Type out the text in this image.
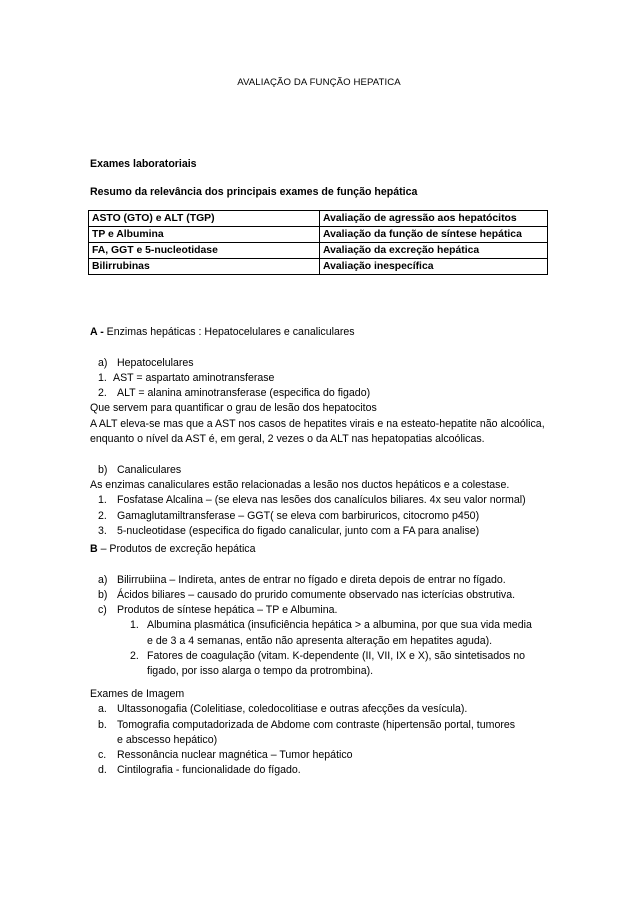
AVALIAÇÃO DA FUNÇÃO HEPATICA
Exames laboratoriais
Resumo da relevância dos principais exames de função hepática
ASTO (GTO) e ALT (TGP)	Avaliação de agressão aos hepatócitos
TP e Albumina	Avaliação da função de síntese hepática
FA, GGT e 5-nucleotidase	Avaliação da excreção hepática
Bilirrubinas	Avaliação inespecífica
A - Enzimas hepáticas : Hepatocelulares e canaliculares
a) Hepatocelulares
1. AST = aspartato aminotransferase
2. ALT = alanina aminotransferase (especifica do figado)
Que servem para quantificar o grau de lesão dos hepatocitos
A ALT eleva-se mas que a AST nos casos de hepatites virais e na esteato-hepatite não alcoólica,
enquanto o nível da AST é, em geral, 2 vezes o da ALT nas hepatopatias alcoólicas.
b) Canaliculares
As enzimas canaliculares estão relacionadas a lesão nos ductos hepáticos e a colestase.
1. Fosfatase Alcalina – (se eleva nas lesões dos canalículos biliares. 4x seu valor normal)
2. Gamaglutamiltransferase – GGT( se eleva com barbiruricos, citocromo p450)
3. 5-nucleotidase (especifica do figado canalicular, junto com a FA para analise)
B – Produtos de excreção hepática
a) Bilirrubiina – Indireta, antes de entrar no fígado e direta depois de entrar no fígado.
b) Ácidos biliares – causado do prurido comumente observado nas icterícias obstrutiva.
c) Produtos de síntese hepática – TP e Albumina.
1. Albumina plasmática (insuficiência hepática > a albumina, por que sua vida media
e de 3 a 4 semanas, então não apresenta alteração em hepatites aguda).
2. Fatores de coagulação (vitam. K-dependente (II, VII, IX e X), são sintetisados no
figado, por isso alarga o tempo da protrombina).
Exames de Imagem
a. Ultassonogafia (Colelitiase, coledocolitiase e outras afecções da vesícula).
b. Tomografia computadorizada de Abdome com contraste (hipertensão portal, tumores
e abscesso hepático)
c. Ressonância nuclear magnética – Tumor hepático
d. Cintilografia - funcionalidade do fígado.
